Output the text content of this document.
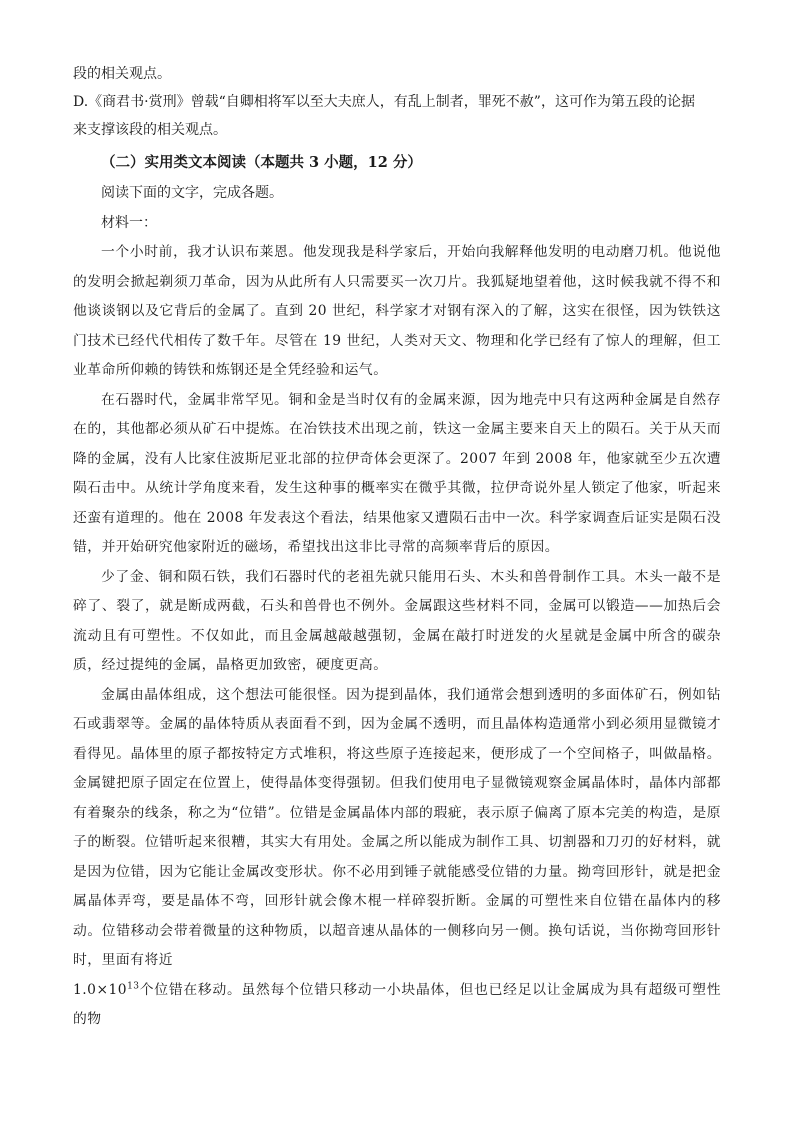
段的相关观点。

D.《商君书·赏刑》曾载“自卿相将军以至大夫庶人，有乱上制者，罪死不赦”，这可作为第五段的论据

来支撑该段的相关观点。

（二）实用类文本阅读（本题共 3 小题，12 分）

阅读下面的文字，完成各题。

材料一：

一个小时前，我才认识布莱恩。他发现我是科学家后，开始向我解释他发明的电动磨刀机。他说他的发明会掀起剃须刀革命，因为从此所有人只需要买一次刀片。我狐疑地望着他，这时候我就不得不和他谈谈钢以及它背后的金属了。直到 20 世纪，科学家才对钢有深入的了解，这实在很怪，因为铁铁这门技术已经代代相传了数千年。尽管在 19 世纪，人类对天文、物理和化学已经有了惊人的理解，但工业革命所仰赖的铸铁和炼钢还是全凭经验和运气。

在石器时代，金属非常罕见。铜和金是当时仅有的金属来源，因为地壳中只有这两种金属是自然存在的，其他都必须从矿石中提炼。在冶铁技术出现之前，铁这一金属主要来自天上的陨石。关于从天而降的金属，没有人比家住波斯尼亚北部的拉伊奇体会更深了。2007 年到 2008 年，他家就至少五次遭陨石击中。从统计学角度来看，发生这种事的概率实在微乎其微，拉伊奇说外星人锁定了他家，听起来还蛮有道理的。他在 2008 年发表这个看法，结果他家又遭陨石击中一次。科学家调查后证实是陨石没错，并开始研究他家附近的磁场，希望找出这非比寻常的高频率背后的原因。

少了金、铜和陨石铁，我们石器时代的老祖先就只能用石头、木头和兽骨制作工具。木头一敲不是碎了、裂了，就是断成两截，石头和兽骨也不例外。金属跟这些材料不同，金属可以锻造——加热后会流动且有可塑性。不仅如此，而且金属越敲越强韧，金属在敲打时迸发的火星就是金属中所含的碳杂质，经过提纯的金属，晶格更加致密，硬度更高。

金属由晶体组成，这个想法可能很怪。因为提到晶体，我们通常会想到透明的多面体矿石，例如钻石或翡翠等。金属的晶体特质从表面看不到，因为金属不透明，而且晶体构造通常小到必须用显微镜才看得见。晶体里的原子都按特定方式堆积，将这些原子连接起来，便形成了一个空间格子，叫做晶格。金属键把原子固定在位置上，使得晶体变得强韧。但我们使用电子显微镜观察金属晶体时，晶体内部都有着聚杂的线条，称之为“位错”。位错是金属晶体内部的瑕疵，表示原子偏离了原本完美的构造，是原子的断裂。位错听起来很糟，其实大有用处。金属之所以能成为制作工具、切割器和刀刃的好材料，就是因为位错，因为它能让金属改变形状。你不必用到锤子就能感受位错的力量。拗弯回形针，就是把金属晶体弄弯，要是晶体不弯，回形针就会像木棍一样碎裂折断。金属的可塑性来自位错在晶体内的移动。位错移动会带着微量的这种物质，以超音速从晶体的一侧移向另一侧。换句话说，当你拗弯回形针时，里面有将近

$1.0\times 10^{13}$个位错在移动。虽然每个位错只移动一小块晶体，但也已经足以让金属成为具有超级可塑性的物
